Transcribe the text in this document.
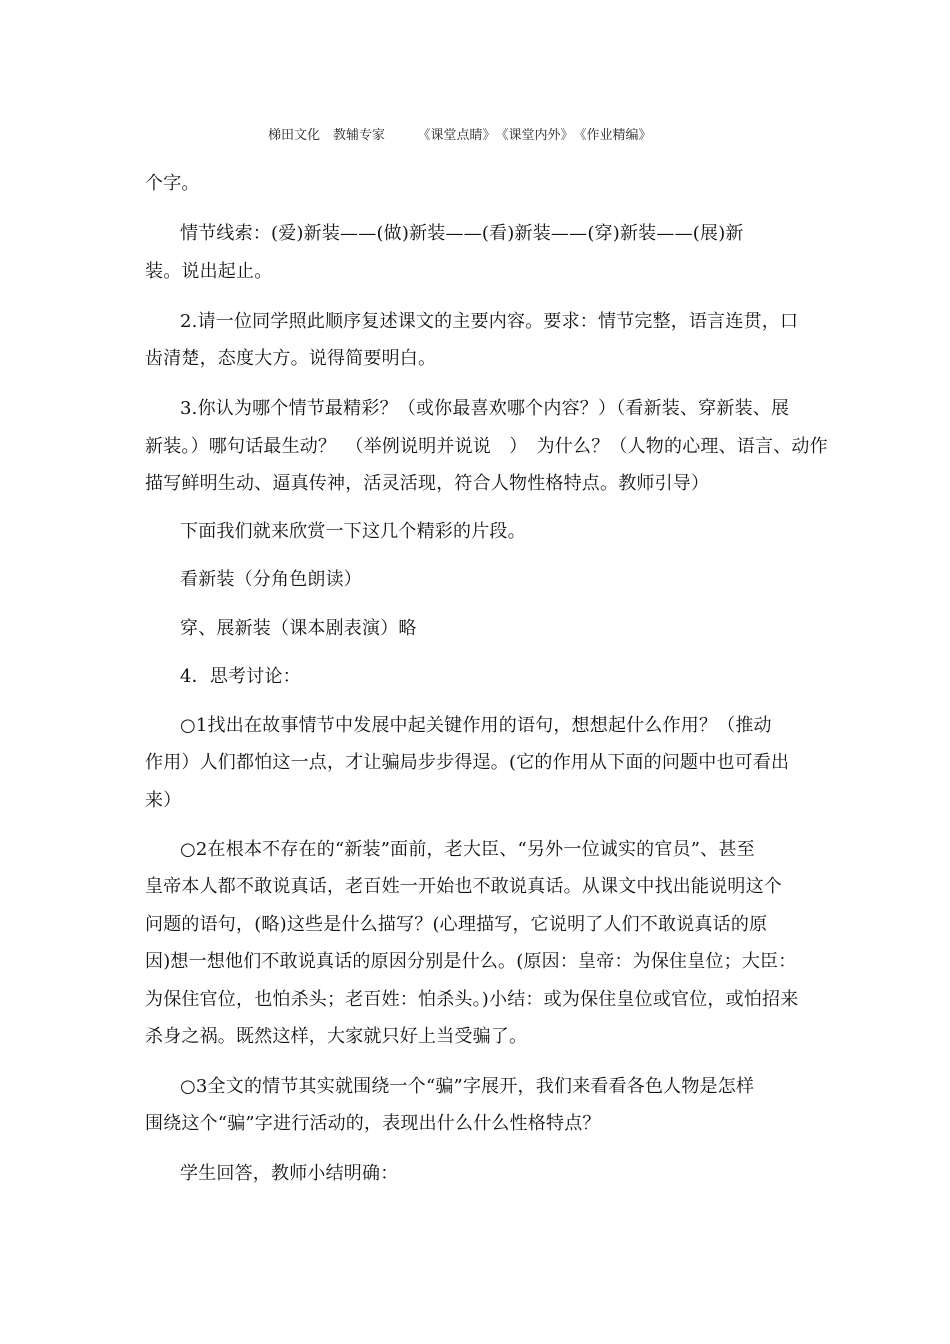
梯田文化　教辅专家　　　《课堂点睛》　《课堂内外》　《作业精编》
个字。
情节线索：(爱)新装——(做)新装——(看)新装——(穿)新装——(展)新
装。说出起止。
2.请一位同学照此顺序复述课文的主要内容。要求：情节完整，语言连贯，口
齿清楚，态度大方。说得简要明白。
3.你认为哪个情节最精彩？（或你最喜欢哪个内容？）（看新装、穿新装、展
新装。）哪句话最生动？　（举例说明并说说　）　为什么？（人物的心理、语言、动作
描写鲜明生动、逼真传神，活灵活现，符合人物性格特点。教师引导）
下面我们就来欣赏一下这几个精彩的片段。
看新装（分角色朗读）
穿、展新装（课本剧表演）略
4．思考讨论：
○1找出在故事情节中发展中起关键作用的语句，想想起什么作用？（推动
作用）人们都怕这一点，才让骗局步步得逞。(它的作用从下面的问题中也可看出
来）
○2在根本不存在的“新装”面前，老大臣、“另外一位诚实的官员”、甚至
皇帝本人都不敢说真话，老百姓一开始也不敢说真话。从课文中找出能说明这个
问题的语句，(略)这些是什么描写？(心理描写，它说明了人们不敢说真话的原
因)想一想他们不敢说真话的原因分别是什么。(原因：皇帝：为保住皇位；大臣：
为保住官位，也怕杀头；老百姓：怕杀头。)小结：或为保住皇位或官位，或怕招来
杀身之祸。既然这样，大家就只好上当受骗了。
○3全文的情节其实就围绕一个“骗”字展开，我们来看看各色人物是怎样
围绕这个“骗”字进行活动的，表现出什么什么性格特点？
学生回答，教师小结明确：
